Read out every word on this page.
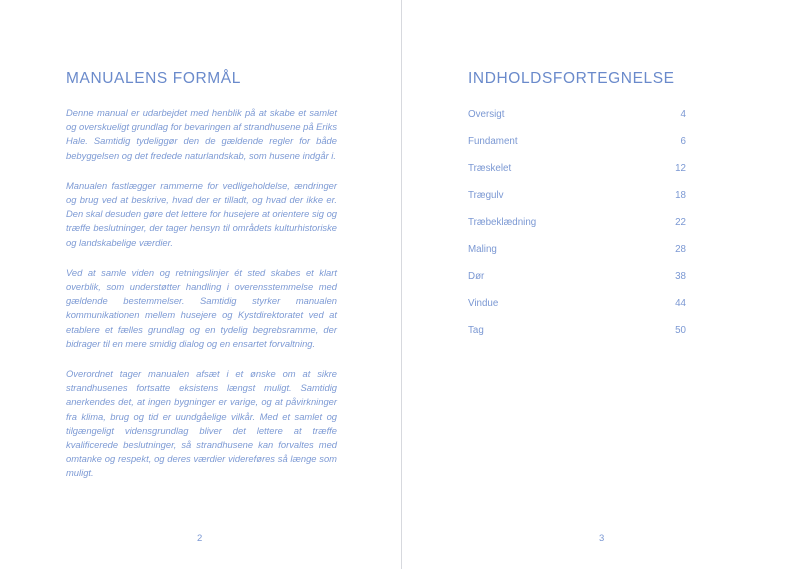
MANUALENS FORMÅL

Denne manual er udarbejdet med henblik på at skabe et samlet og overskueligt grundlag for bevaringen af strandhusene på Eriks Hale. Samtidig tydeliggør den de gældende regler for både bebyggelsen og det fredede naturlandskab, som husene indgår i.

Manualen fastlægger rammerne for vedligeholdelse, ændringer og brug ved at beskrive, hvad der er tilladt, og hvad der ikke er. Den skal desuden gøre det lettere for husejere at orientere sig og træffe beslutninger, der tager hensyn til områdets kulturhistoriske og landskabelige værdier.

Ved at samle viden og retningslinjer ét sted skabes et klart overblik, som understøtter handling i overensstemmelse med gældende bestemmelser. Samtidig styrker manualen kommunikationen mellem husejere og Kystdirektoratet ved at etablere et fælles grundlag og en tydelig begrebsramme, der bidrager til en mere smidig dialog og en ensartet forvaltning.

Overordnet tager manualen afsæt i et ønske om at sikre strandhusenes fortsatte eksistens længst muligt. Samtidig anerkendes det, at ingen bygninger er varige, og at påvirkninger fra klima, brug og tid er uundgåelige vilkår. Med et samlet og tilgængeligt vidensgrundlag bliver det lettere at træffe kvalificerede beslutninger, så strandhusene kan forvaltes med omtanke og respekt, og deres værdier videreføres så længe som muligt.

2
INDHOLDSFORTEGNELSE
Oversigt	4
Fundament	6
Træskelet	12
Trægulv	18
Træbeklædning	22
Maling	28
Dør	38
Vindue	44
Tag	50
3
